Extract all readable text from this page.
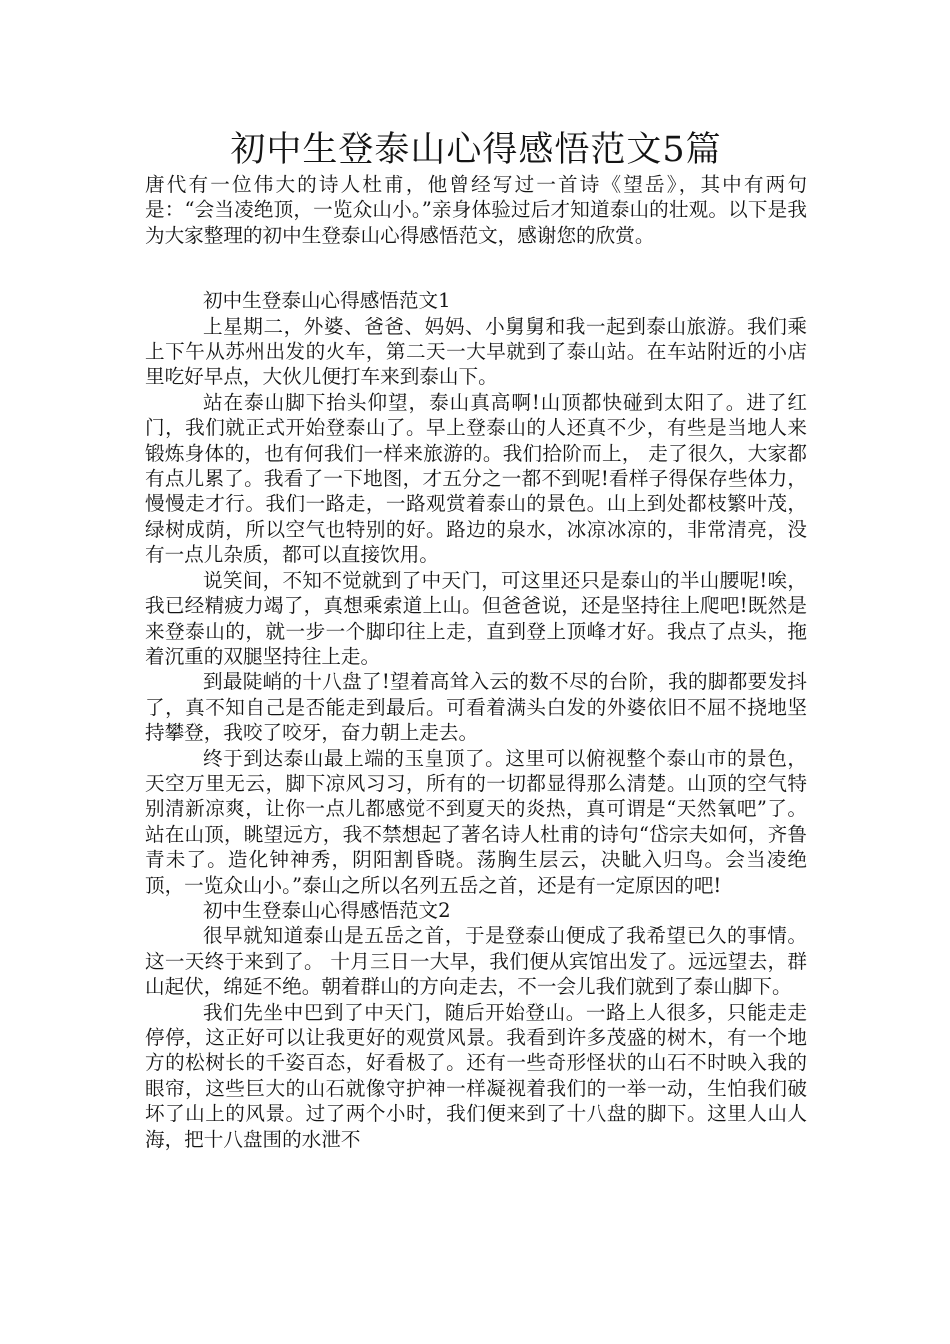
初中生登泰山心得感悟范文5篇

唐代有一位伟大的诗人杜甫，他曾经写过一首诗《望岳》，其中有两句是：“会当凌绝顶，一览众山小。”亲身体验过后才知道泰山的壮观。以下是我为大家整理的初中生登泰山心得感悟范文，感谢您的欣赏。

初中生登泰山心得感悟范文1

上星期二，外婆、爸爸、妈妈、小舅舅和我一起到泰山旅游。我们乘上下午从苏州出发的火车，第二天一大早就到了泰山站。在车站附近的小店里吃好早点，大伙儿便打车来到泰山下。

站在泰山脚下抬头仰望，泰山真高啊!山顶都快碰到太阳了。进了红门，我们就正式开始登泰山了。早上登泰山的人还真不少，有些是当地人来锻炼身体的，也有何我们一样来旅游的。我们拾阶而上， 走了很久，大家都有点儿累了。我看了一下地图，才五分之一都不到呢!看样子得保存些体力，慢慢走才行。我们一路走，一路观赏着泰山的景色。山上到处都枝繁叶茂，绿树成荫，所以空气也特别的好。路边的泉水，冰凉冰凉的，非常清亮，没有一点儿杂质，都可以直接饮用。

说笑间，不知不觉就到了中天门，可这里还只是泰山的半山腰呢!唉，我已经精疲力竭了，真想乘索道上山。但爸爸说，还是坚持往上爬吧!既然是来登泰山的，就一步一个脚印往上走，直到登上顶峰才好。我点了点头，拖着沉重的双腿坚持往上走。

到最陡峭的十八盘了!望着高耸入云的数不尽的台阶，我的脚都要发抖了，真不知自己是否能走到最后。可看着满头白发的外婆依旧不屈不挠地坚持攀登，我咬了咬牙，奋力朝上走去。

终于到达泰山最上端的玉皇顶了。这里可以俯视整个泰山市的景色，天空万里无云，脚下凉风习习，所有的一切都显得那么清楚。山顶的空气特别清新凉爽，让你一点儿都感觉不到夏天的炎热，真可谓是“天然氧吧”了。站在山顶，眺望远方，我不禁想起了著名诗人杜甫的诗句“岱宗夫如何，齐鲁青未了。造化钟神秀，阴阳割昏晓。荡胸生层云，决眦入归鸟。会当凌绝顶，一览众山小。”泰山之所以名列五岳之首，还是有一定原因的吧!

初中生登泰山心得感悟范文2

很早就知道泰山是五岳之首，于是登泰山便成了我希望已久的事情。这一天终于来到了。 十月三日一大早，我们便从宾馆出发了。远远望去，群山起伏，绵延不绝。朝着群山的方向走去，不一会儿我们就到了泰山脚下。

我们先坐中巴到了中天门，随后开始登山。一路上人很多，只能走走停停，这正好可以让我更好的观赏风景。我看到许多茂盛的树木，有一个地方的松树长的千姿百态，好看极了。还有一些奇形怪状的山石不时映入我的眼帘，这些巨大的山石就像守护神一样凝视着我们的一举一动，生怕我们破坏了山上的风景。过了两个小时，我们便来到了十八盘的脚下。这里人山人海，把十八盘围的水泄不
